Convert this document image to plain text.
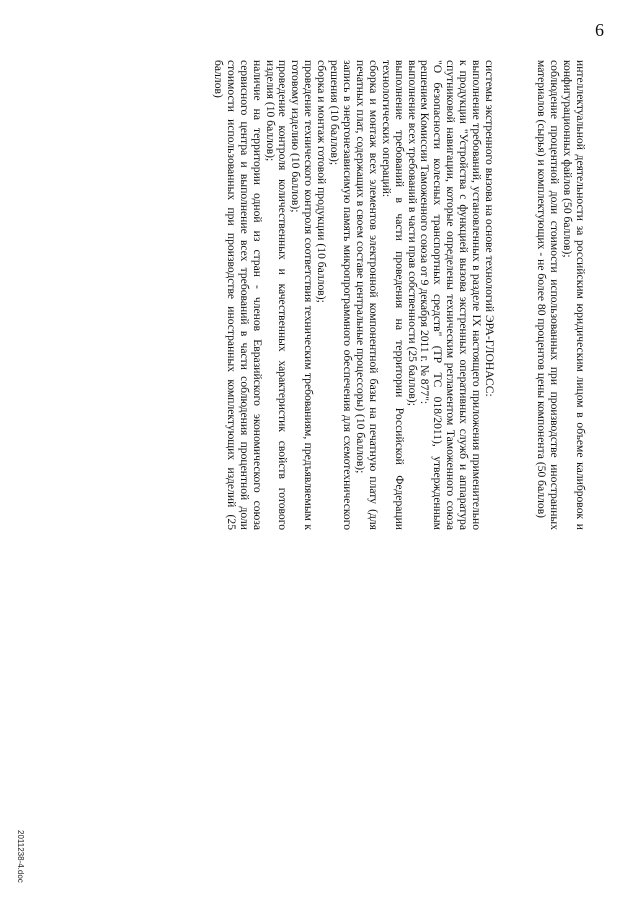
6

интеллектуальной деятельности за российским юридическим лицом в объеме калибровок и конфигурационных файлов (50 баллов);

соблюдение процентной доли стоимости использованных при производстве иностранных материалов (сырья) и комплектующих - не более 80 процентов цены компонента (50 баллов)

системы экстренного вызова на основе технологий ЭРА-ГЛОНАСС:

выполнение требований, установленных в разделе IX настоящего приложения применительно к продукции "Устройства с функцией вызова экстренных оперативных служб и аппаратура спутниковой навигации, которые определены техническим регламентом Таможенного союза "О безопасности колесных транспортных средств" (ТР ТС 018/2011), утвержденным решением Комиссии Таможенного союза от 9 декабря 2011 г. № 877":

выполнение всех требований в части прав собственности (25 баллов);

выполнение требований в части проведения на территории Российской Федерации технологических операций:

сборка и монтаж всех элементов электронной компонентной базы на печатную плату (для печатных плат, содержащих в своем составе центральные процессоры) (10 баллов);

запись в энергонезависимую память микропрограммного обеспечения для схемотехнического решения (10 баллов);

сборка и монтаж готовой продукции (10 баллов);

проведение технического контроля соответствия техническим требованиям, предъявляемым к готовому изделию (10 баллов);

проведение контроля количественных и качественных характеристик свойств готового изделия (10 баллов);

наличие на территории одной из стран - членов Евразийского экономического союза сервисного центра и выполнение всех требований в части соблюдения процентной доли стоимости использованных при производстве иностранных комплектующих изделий (25 баллов)

2011238-4.doc
